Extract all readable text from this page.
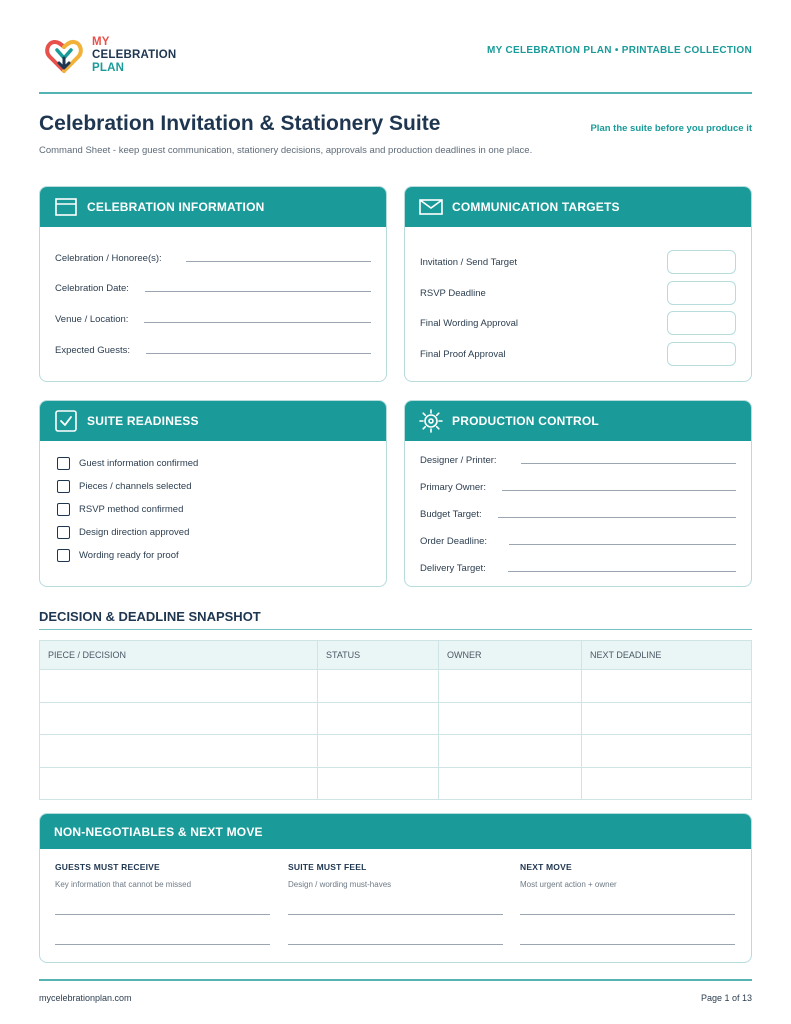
MY
CELEBRATION
PLAN
MY CELEBRATION PLAN • PRINTABLE COLLECTION
Celebration Invitation & Stationery Suite	Plan the suite before you produce it
Command Sheet - keep guest communication, stationery decisions, approvals and production deadlines in one place.
CELEBRATION INFORMATION
Celebration / Honoree(s):
Celebration Date:
Venue / Location:
Expected Guests:
COMMUNICATION TARGETS
Invitation / Send Target
RSVP Deadline
Final Wording Approval
Final Proof Approval
SUITE READINESS
Guest information confirmed
Pieces / channels selected
RSVP method confirmed
Design direction approved
Wording ready for proof
PRODUCTION CONTROL
Designer / Printer:
Primary Owner:
Budget Target:
Order Deadline:
Delivery Target:
DECISION & DEADLINE SNAPSHOT
PIECE / DECISION	STATUS	OWNER	NEXT DEADLINE
NON-NEGOTIABLES & NEXT MOVE
GUESTS MUST RECEIVE
Key information that cannot be missed
SUITE MUST FEEL
Design / wording must-haves
NEXT MOVE
Most urgent action + owner
mycelebrationplan.com	Page 1 of 13
